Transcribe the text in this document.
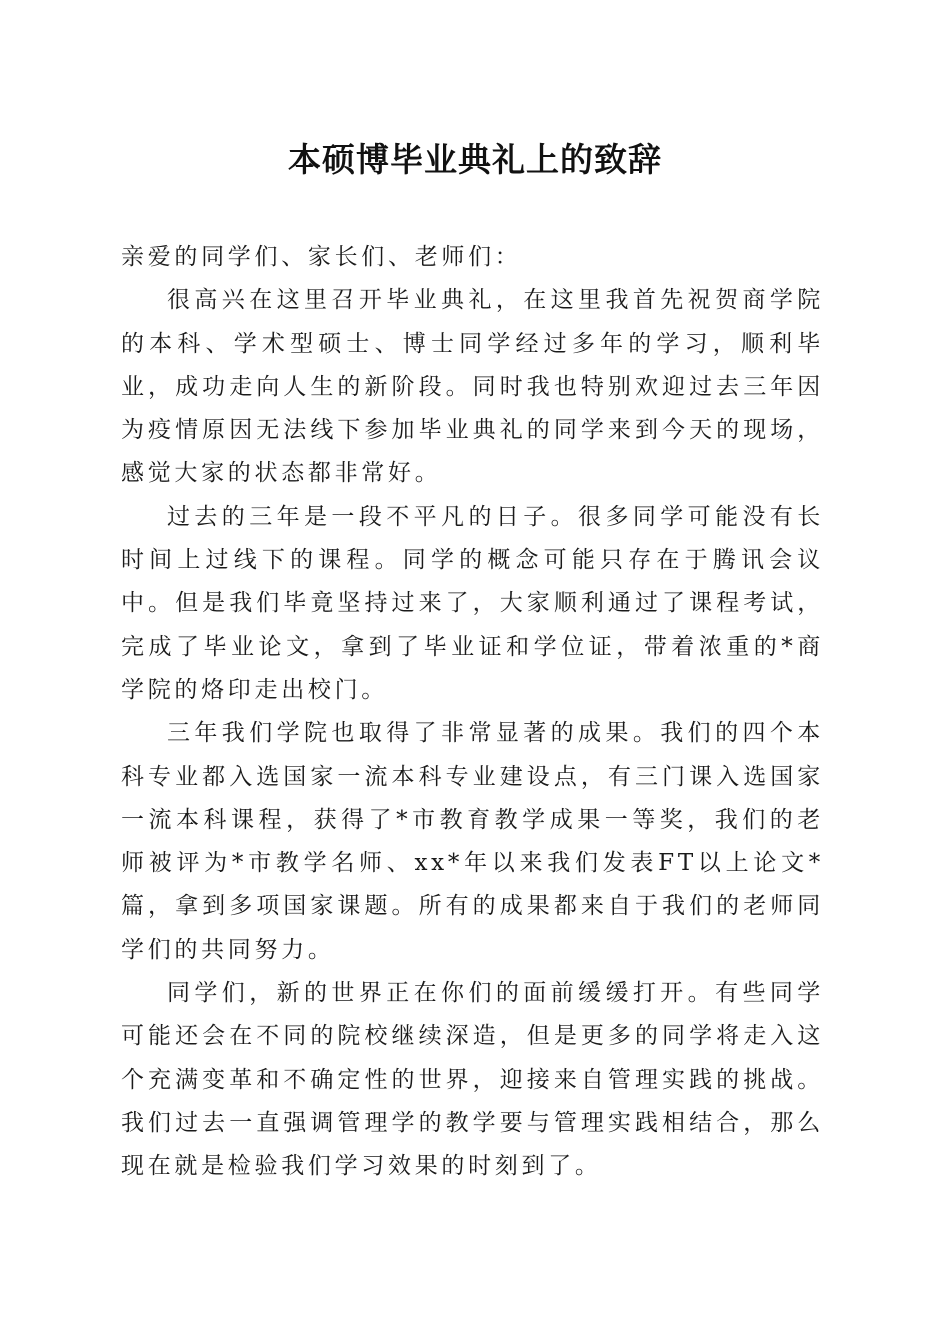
本硕博毕业典礼上的致辞

亲爱的同学们、家长们、老师们：

很高兴在这里召开毕业典礼，在这里我首先祝贺商学院的本科、学术型硕士、博士同学经过多年的学习，顺利毕业，成功走向人生的新阶段。同时我也特别欢迎过去三年因为疫情原因无法线下参加毕业典礼的同学来到今天的现场，感觉大家的状态都非常好。

过去的三年是一段不平凡的日子。很多同学可能没有长时间上过线下的课程。同学的概念可能只存在于腾讯会议中。但是我们毕竟坚持过来了，大家顺利通过了课程考试，完成了毕业论文，拿到了毕业证和学位证，带着浓重的*商学院的烙印走出校门。

三年我们学院也取得了非常显著的成果。我们的四个本科专业都入选国家一流本科专业建设点，有三门课入选国家一流本科课程，获得了*市教育教学成果一等奖，我们的老师被评为*市教学名师、xx*年以来我们发表FT以上论文*篇，拿到多项国家课题。所有的成果都来自于我们的老师同学们的共同努力。

同学们，新的世界正在你们的面前缓缓打开。有些同学可能还会在不同的院校继续深造，但是更多的同学将走入这个充满变革和不确定性的世界，迎接来自管理实践的挑战。我们过去一直强调管理学的教学要与管理实践相结合，那么现在就是检验我们学习效果的时刻到了。
